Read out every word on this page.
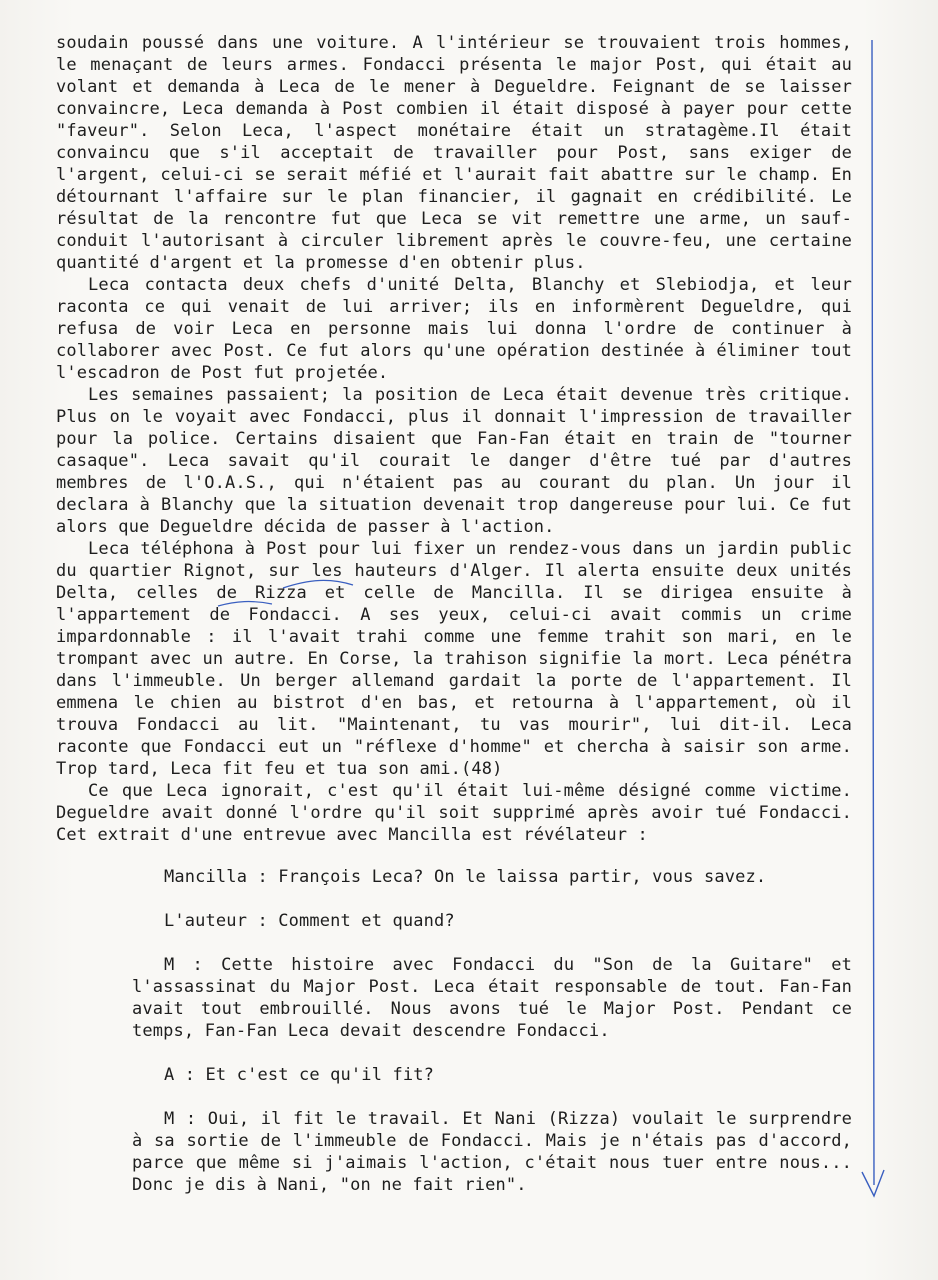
soudain poussé dans une voiture. A l'intérieur se trouvaient trois hommes, le menaçant de leurs armes. Fondacci présenta le major Post, qui était au volant et demanda à Leca de le mener à Degueldre. Feignant de se laisser convaincre, Leca demanda à Post combien il était disposé à payer pour cette "faveur". Selon Leca, l'aspect monétaire était un stratagème.Il était convaincu que s'il acceptait de travailler pour Post, sans exiger de l'argent, celui-ci se serait méfié et l'aurait fait abattre sur le champ. En détournant l'affaire sur le plan financier, il gagnait en crédibilité. Le résultat de la rencontre fut que Leca se vit remettre une arme, un sauf-conduit l'autorisant à circuler librement après le couvre-feu, une certaine quantité d'argent et la promesse d'en obtenir plus.

Leca contacta deux chefs d'unité Delta, Blanchy et Slebiodja, et leur raconta ce qui venait de lui arriver; ils en informèrent Degueldre, qui refusa de voir Leca en personne mais lui donna l'ordre de continuer à collaborer avec Post. Ce fut alors qu'une opération destinée à éliminer tout l'escadron de Post fut projetée.

Les semaines passaient; la position de Leca était devenue très critique. Plus on le voyait avec Fondacci, plus il donnait l'impression de travailler pour la police. Certains disaient que Fan-Fan était en train de "tourner casaque". Leca savait qu'il courait le danger d'être tué par d'autres membres de l'O.A.S., qui n'étaient pas au courant du plan. Un jour il declara à Blanchy que la situation devenait trop dangereuse pour lui. Ce fut alors que Degueldre décida de passer à l'action.

Leca téléphona à Post pour lui fixer un rendez-vous dans un jardin public du quartier Rignot, sur les hauteurs d'Alger. Il alerta ensuite deux unités Delta, celles de Rizza et celle de Mancilla. Il se dirigea ensuite à l'appartement de Fondacci. A ses yeux, celui-ci avait commis un crime impardonnable : il l'avait trahi comme une femme trahit son mari, en le trompant avec un autre. En Corse, la trahison signifie la mort. Leca pénétra dans l'immeuble. Un berger allemand gardait la porte de l'appartement. Il emmena le chien au bistrot d'en bas, et retourna à l'appartement, où il trouva Fondacci au lit. "Maintenant, tu vas mourir", lui dit-il. Leca raconte que Fondacci eut un "réflexe d'homme" et chercha à saisir son arme. Trop tard, Leca fit feu et tua son ami.(48)

Ce que Leca ignorait, c'est qu'il était lui-même désigné comme victime. Degueldre avait donné l'ordre qu'il soit supprimé après avoir tué Fondacci. Cet extrait d'une entrevue avec Mancilla est révélateur :

Mancilla : François Leca? On le laissa partir, vous savez.

L'auteur : Comment et quand?

M : Cette histoire avec Fondacci du "Son de la Guitare" et l'assassinat du Major Post. Leca était responsable de tout. Fan-Fan avait tout embrouillé. Nous avons tué le Major Post. Pendant ce temps, Fan-Fan Leca devait descendre Fondacci.

A : Et c'est ce qu'il fit?

M : Oui, il fit le travail. Et Nani (Rizza) voulait le surprendre à sa sortie de l'immeuble de Fondacci. Mais je n'étais pas d'accord, parce que même si j'aimais l'action, c'était nous tuer entre nous... Donc je dis à Nani, "on ne fait rien".
